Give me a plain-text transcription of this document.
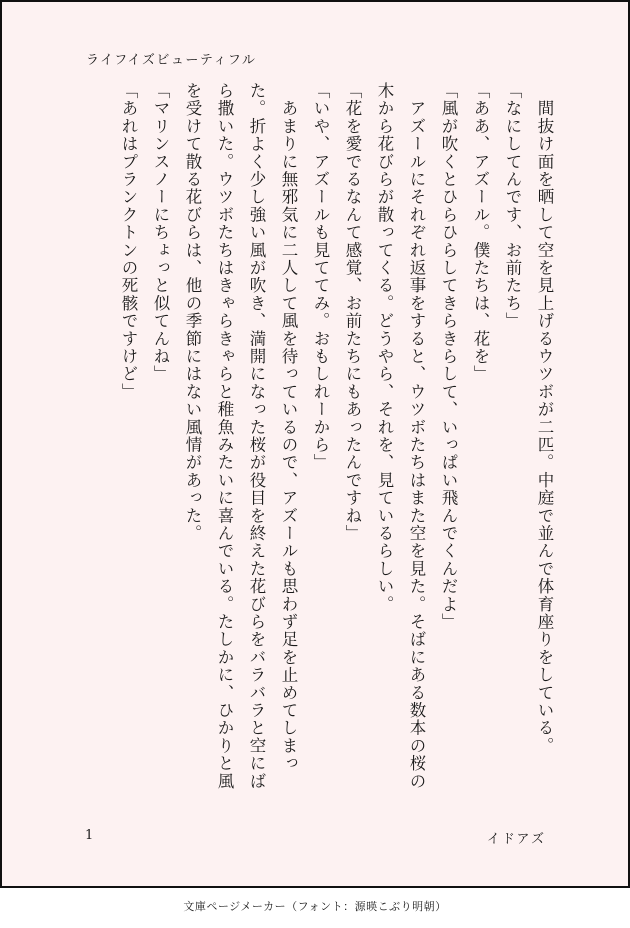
ライフイズビューティフル

　間抜け面を晒して空を見上げるウツボが二匹。中庭で並んで体育座りをしている。

「なにしてんです、お前たち」

「ああ、アズール。僕たちは、花を」

「風が吹くとひらひらしてきらきらして、いっぱい飛んでくんだよ」

　アズールにそれぞれ返事をすると、ウツボたちはまた空を見た。そばにある数本の桜の木から花びらが散ってくる。どうやら、それを、見ているらしい。

「花を愛でるなんて感覚、お前たちにもあったんですね」

「いや、アズールも見ててみ。おもしれーから」

　あまりに無邪気に二人して風を待っているので、アズールも思わず足を止めてしまった。折よく少し強い風が吹き、満開になった桜が役目を終えた花びらをバラバラと空にばら撒いた。ウツボたちはきゃらきゃらと稚魚みたいに喜んでいる。たしかに、ひかりと風を受けて散る花びらは、他の季節にはない風情があった。

「マリンスノーにちょっと似てんね」

「あれはプランクトンの死骸ですけど」

1	イドアズ
文庫ページメーカー（フォント：源暎こぶり明朝）
